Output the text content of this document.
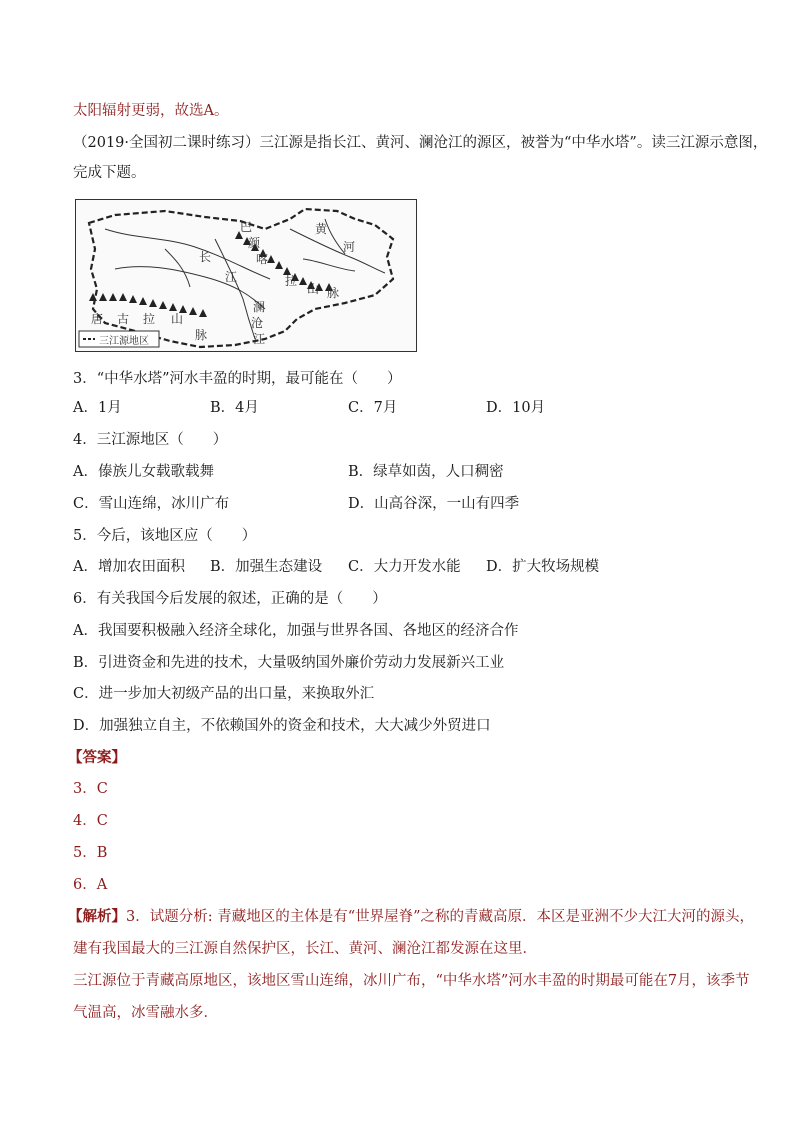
太阳辐射更弱，故选A。
（2019·全国初二课时练习）三江源是指长江、黄河、澜沧江的源区，被誉为“中华水塔”。读三江源示意图，
完成下题。
长
巴
颜
喀
江	拉
山 脉
黄
河
澜
沧
江
唐 古 拉 山
脉
三江源地区
3．“中华水塔”河水丰盈的时期，最可能在（　　）
A．1月	B．4月	C．7月	D．10月
4．三江源地区（　　）
A．傣族儿女载歌载舞	B．绿草如茵，人口稠密
C．雪山连绵，冰川广布	D．山高谷深，一山有四季
5．今后，该地区应（　　）
A．增加农田面积 B．加强生态建设 C．大力开发水能 D．扩大牧场规模
6．有关我国今后发展的叙述，正确的是（　　）
A．我国要积极融入经济全球化，加强与世界各国、各地区的经济合作
B．引进资金和先进的技术，大量吸纳国外廉价劳动力发展新兴工业
C．进一步加大初级产品的出口量，来换取外汇
D．加强独立自主，不依赖国外的资金和技术，大大减少外贸进口
【答案】
3．C
4．C
5．B
6．A
【解析】3．试题分析: 青藏地区的主体是有“世界屋脊”之称的青藏高原．本区是亚洲不少大江大河的源头，
建有我国最大的三江源自然保护区，长江、黄河、澜沧江都发源在这里．
三江源位于青藏高原地区，该地区雪山连绵，冰川广布，“中华水塔”河水丰盈的时期最可能在7月，该季节
气温高，冰雪融水多．
